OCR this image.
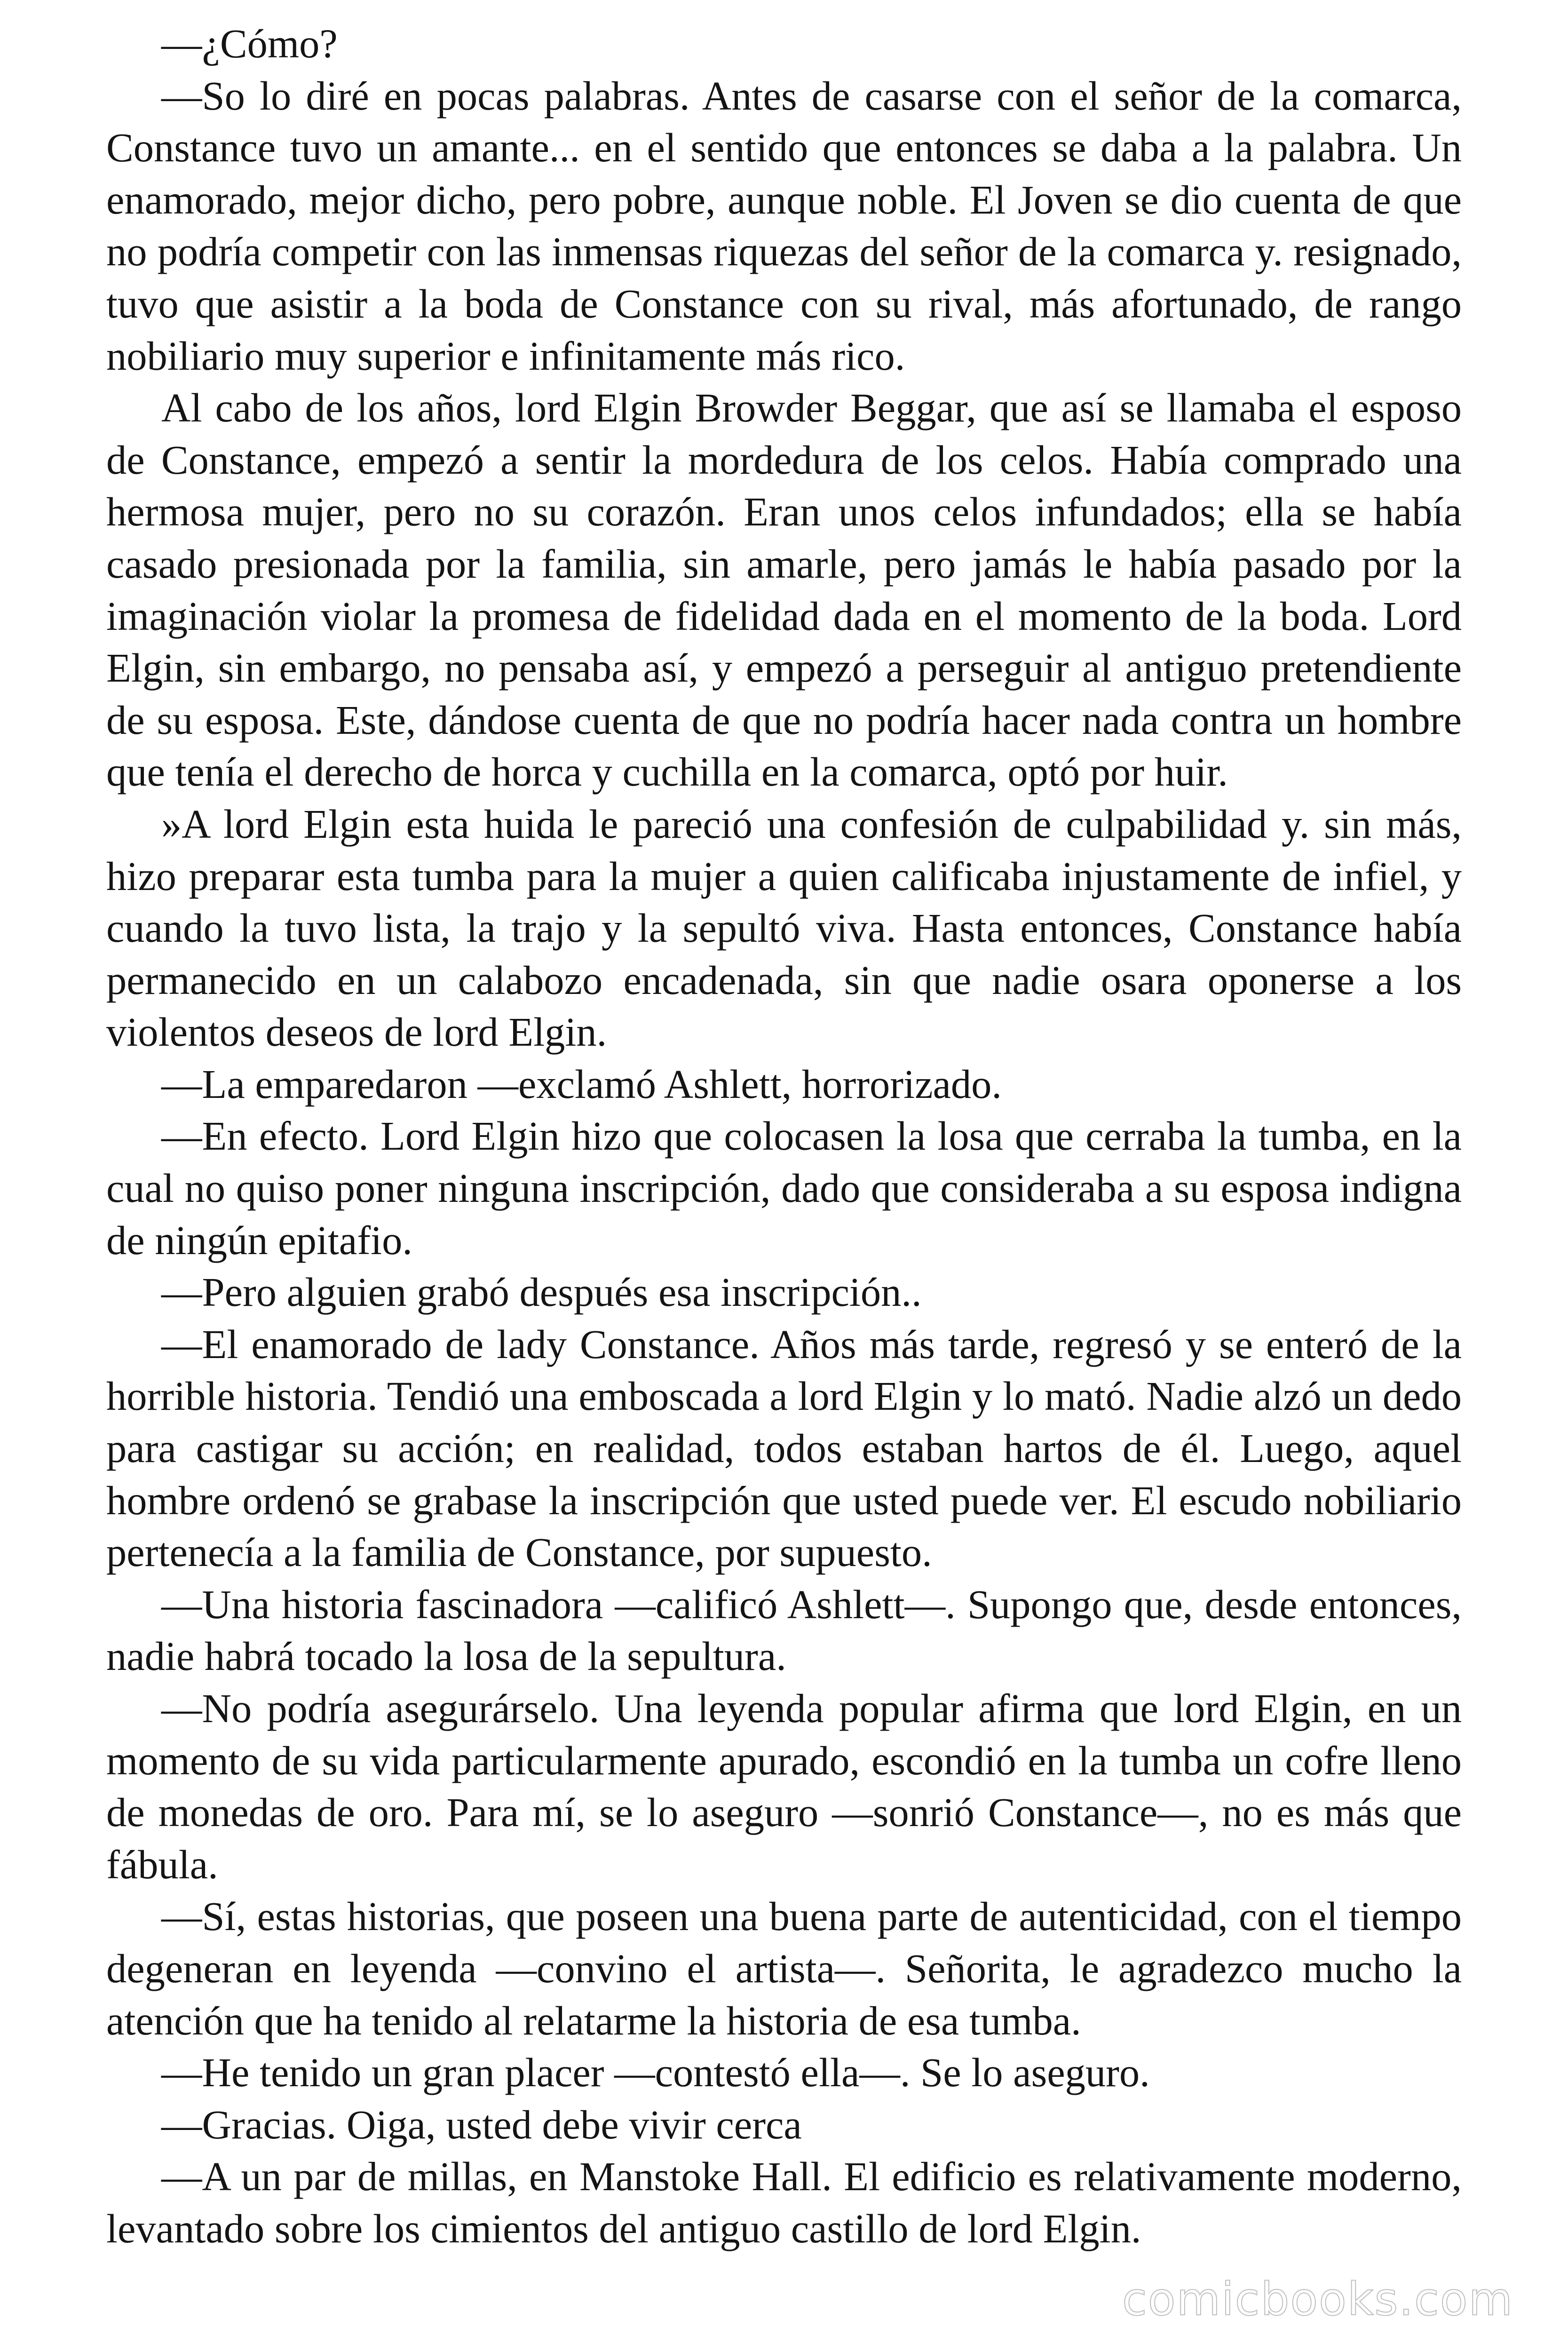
—¿Cómo?

—So lo diré en pocas palabras. Antes de casarse con el señor de la comarca, Constance tuvo un amante... en el sentido que entonces se daba a la palabra. Un enamorado, mejor dicho, pero pobre, aunque noble. El Joven se dio cuenta de que no podría competir con las inmensas riquezas del señor de la comarca y. resignado, tuvo que asistir a la boda de Constance con su rival, más afortunado, de rango nobiliario muy superior e infinitamente más rico.

Al cabo de los años, lord Elgin Browder Beggar, que así se llamaba el esposo de Constance, empezó a sentir la mordedura de los celos. Había comprado una hermosa mujer, pero no su corazón. Eran unos celos infundados; ella se había casado presionada por la familia, sin amarle, pero jamás le había pasado por la imaginación violar la promesa de fidelidad dada en el momento de la boda. Lord Elgin, sin embargo, no pensaba así, y empezó a perseguir al antiguo pretendiente de su esposa. Este, dándose cuenta de que no podría hacer nada contra un hombre que tenía el derecho de horca y cuchilla en la comarca, optó por huir.

»A lord Elgin esta huida le pareció una confesión de culpabilidad y. sin más, hizo preparar esta tumba para la mujer a quien calificaba injustamente de infiel, y cuando la tuvo lista, la trajo y la sepultó viva. Hasta entonces, Constance había permanecido en un calabozo encadenada, sin que nadie osara oponerse a los violentos deseos de lord Elgin.

—La emparedaron —exclamó Ashlett, horrorizado.

—En efecto. Lord Elgin hizo que colocasen la losa que cerraba la tumba, en la cual no quiso poner ninguna inscripción, dado que consideraba a su esposa indigna de ningún epitafio.

—Pero alguien grabó después esa inscripción..

—El enamorado de lady Constance. Años más tarde, regresó y se enteró de la horrible historia. Tendió una emboscada a lord Elgin y lo mató. Nadie alzó un dedo para castigar su acción; en realidad, todos estaban hartos de él. Luego, aquel hombre ordenó se grabase la inscripción que usted puede ver. El escudo nobiliario pertenecía a la familia de Constance, por supuesto.

—Una historia fascinadora —calificó Ashlett—. Supongo que, desde entonces, nadie habrá tocado la losa de la sepultura.

—No podría asegurárselo. Una leyenda popular afirma que lord Elgin, en un momento de su vida particularmente apurado, escondió en la tumba un cofre lleno de monedas de oro. Para mí, se lo aseguro —sonrió Constance—, no es más que fábula.

—Sí, estas historias, que poseen una buena parte de autenticidad, con el tiempo degeneran en leyenda —convino el artista—. Señorita, le agradezco mucho la atención que ha tenido al relatarme la historia de esa tumba.

—He tenido un gran placer —contestó ella—. Se lo aseguro.

—Gracias. Oiga, usted debe vivir cerca

—A un par de millas, en Manstoke Hall. El edificio es relativamente moderno, levantado sobre los cimientos del antiguo castillo de lord Elgin.

comicbooks.com
